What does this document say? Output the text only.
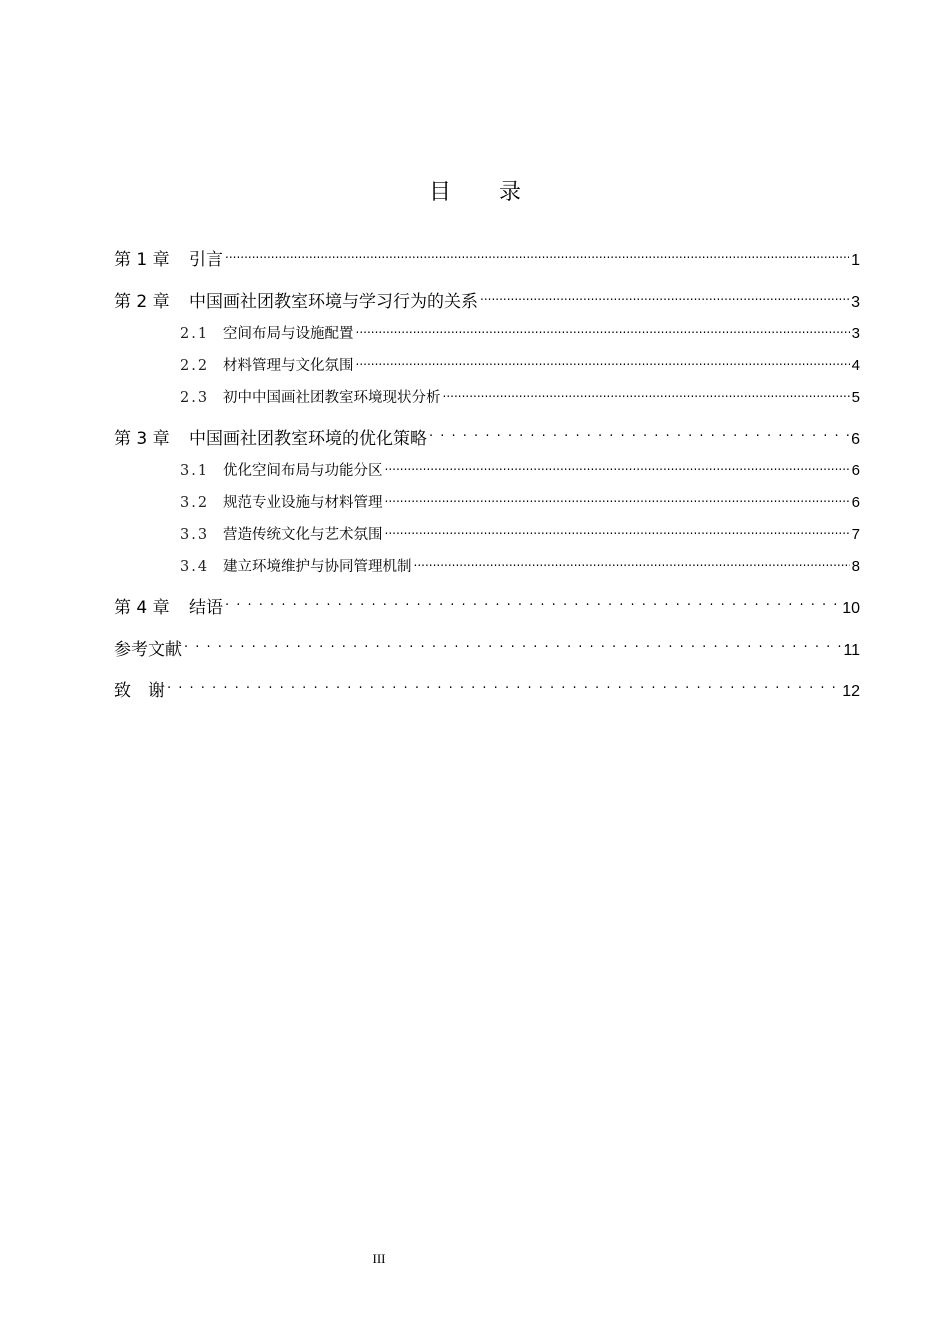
目录
第 1 章	引言 .....	1
第 2 章	中国画社团教室环境与学习行为的关系 .....	3
2.1 空间布局与设施配置 .....	3
2.2 材料管理与文化氛围 .....	4
2.3 初中中国画社团教室环境现状分析 .....	5
第 3 章	中国画社团教室环境的优化策略 . . .	6
3.1 优化空间布局与功能分区 .....	6
3.2 规范专业设施与材料管理 .....	6
3.3 营造传统文化与艺术氛围 .....	7
3.4 建立环境维护与协同管理机制 .....	8
第 4 章	结语 . . .	10
参考文献 . . .	11
致　谢 . . .	12
III
